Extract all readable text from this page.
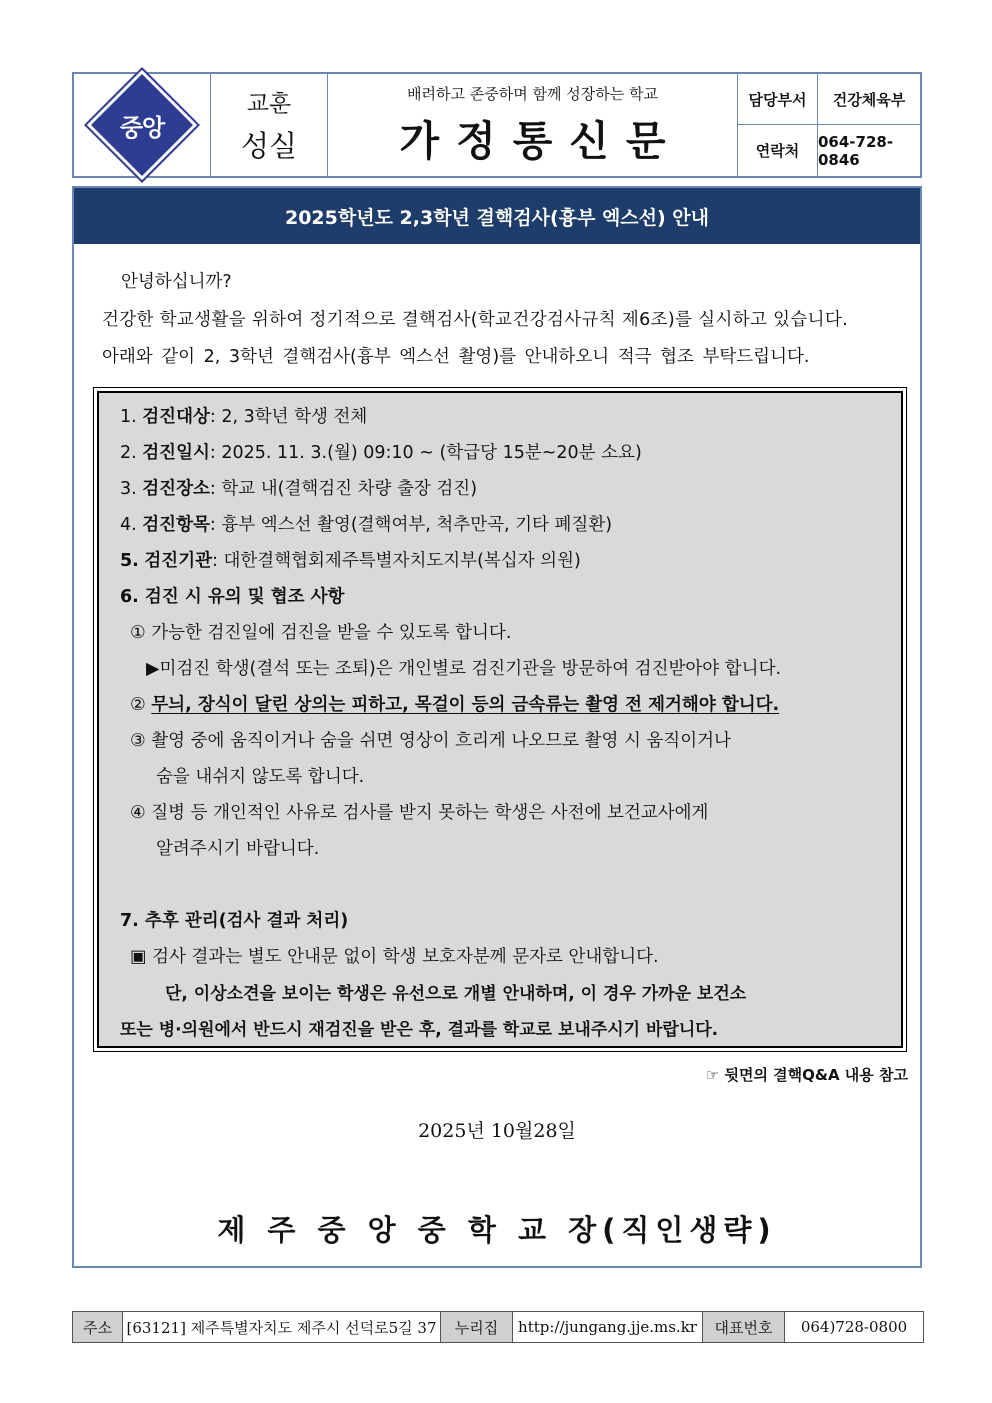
중앙
교훈
성실
배려하고 존중하며 함께 성장하는 학교
가정통신문
담당부서	건강체육부
연락처
064-728-0846
2025학년도 2,3학년 결핵검사(흉부 엑스선) 안내
안녕하십니까?
건강한 학교생활을 위하여 정기적으로 결핵검사(학교건강검사규칙 제6조)를 실시하고 있습니다.
아래와 같이 2, 3학년 결핵검사(흉부 엑스선 촬영)를 안내하오니 적극 협조 부탁드립니다.
1. 검진대상: 2, 3학년 학생 전체
2. 검진일시: 2025. 11. 3.(월) 09:10 ~ (학급당 15분~20분 소요)
3. 검진장소: 학교 내(결핵검진 차량 출장 검진)
4. 검진항목: 흉부 엑스선 촬영(결핵여부, 척추만곡, 기타 폐질환)
5. 검진기관: 대한결핵협회제주특별자치도지부(복십자 의원)
6. 검진 시 유의 및 협조 사항
① 가능한 검진일에 검진을 받을 수 있도록 합니다.
▶미검진 학생(결석 또는 조퇴)은 개인별로 검진기관을 방문하여 검진받아야 합니다.
② 무늬, 장식이 달린 상의는 피하고, 목걸이 등의 금속류는 촬영 전 제거해야 합니다.
③ 촬영 중에 움직이거나 숨을 쉬면 영상이 흐리게 나오므로 촬영 시 움직이거나
숨을 내쉬지 않도록 합니다.
④ 질병 등 개인적인 사유로 검사를 받지 못하는 학생은 사전에 보건교사에게
알려주시기 바랍니다.
7. 추후 관리(검사 결과 처리)
▣ 검사 결과는 별도 안내문 없이 학생 보호자분께 문자로 안내합니다.
단, 이상소견을 보이는 학생은 유선으로 개별 안내하며, 이 경우 가까운 보건소
또는 병·의원에서 반드시 재검진을 받은 후, 결과를 학교로 보내주시기 바랍니다.
☞ 뒷면의 결핵Q&A 내용 참고
2025년 10월28일
제 주 중 앙 중 학 교 장(직인생략)
주소 [63121] 제주특별자치도 제주시 선덕로5길 37	누리집	http://jungang.jje.ms.kr	대표번호	064)728-0800
